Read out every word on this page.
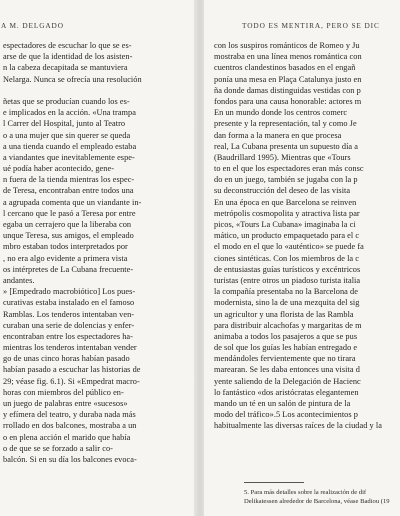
A M. DELGADO
espectadores de escuchar lo que se es-
arse de que la identidad de los asisten-
n la cabeza decapitada se mantuviera
Nelarga. Nunca se ofrecía una resolución
ñetas que se producían cuando los es-
e implicados en la acción. «Una trampa
l Carrer del Hospital, junto al Teatro
o a una mujer que sin querer se queda
a una tienda cuando el empleado estaba
a viandantes que inevitablemente espe-
ué podía haber acontecido, gene-
n fuera de la tienda mientras los espec-
de Teresa, encontraban entre todos una
a agrupada comenta que un viandante in-
l cercano que le pasó a Teresa por entre
egaba un cerrajero que la liberaba con
unque Teresa, sus amigos, el empleado
mbro estaban todos interpretados por
, no era algo evidente a primera vista
os intérpretes de La Cubana frecuente-
andantes.
» [Empedrado macrobiótico] Los pues-
curativas estaba instalado en el famoso
Ramblas. Los tenderos intentaban ven-
curaban una serie de dolencias y enfer-
encontraban entre los espectadores ha-
mientras los tenderos intentaban vender
go de unas cinco horas habían pasado
habían pasado a escuchar las historias de
29; véase fig. 6.1). Si «Empedrat macro-
horas con miembros del público en-
un juego de palabras entre «sucesos»
y efímera del teatro, y duraba nada más
rrollado en dos balcones, mostraba a un
o en plena acción el marido que había
o de que se se forzado a salir co-
balcón. Si en su día los balcones evoca-
TODO ES MENTIRA, PERO SE DIC
con los suspiros románticos de Romeo y Ju
mostraba en una línea menos romántica con
cuentros clandestinos basados en el engañ
ponía una mesa en Plaça Catalunya justo en
ña donde damas distinguidas vestidas con p
fondos para una causa honorable: actores m
En un mundo donde los centros comerc
presente y la representación, tal y como Je
dan forma a la manera en que procesa
real, La Cubana presenta un supuesto día a
(Baudrillard 1995). Mientras que «Tours
to en el que los espectadores eran más consc
do en un juego, también se jugaba con la p
su deconstrucción del deseo de las visita
En una época en que Barcelona se reinven
metrópolis cosmopolita y atractiva lista par
picos, «Tours La Cubana» imaginaba la ci
mático, un producto empaquetado para el c
el modo en el que lo «auténtico» se puede fa
ciones sintéticas. Con los miembros de la c
de entusiastas guías turísticos y excéntricos
turistas (entre otros un piadoso turista italia
la compañía presentaba no la Barcelona de
modernista, sino la de una mezquita del sig
un agricultor y una florista de las Rambla
para distribuir alcachofas y margaritas de m
animaba a todos los pasajeros a que se pus
de sol que los guías les habían entregado e
mendándoles fervientemente que no tirara
marearan. Se les daba entonces una visita d
yente saliendo de la Delegación de Hacienc
lo fantástico «dos aristócratas elegantemen
mando un té en un salón de pintura de la
modo del tráfico».5 Los acontecimientos p
habitualmente las diversas raíces de la ciudad y la
5. Para más detalles sobre la realización de dif
Delikatessen alrededor de Barcelona, véase Badiou (19
